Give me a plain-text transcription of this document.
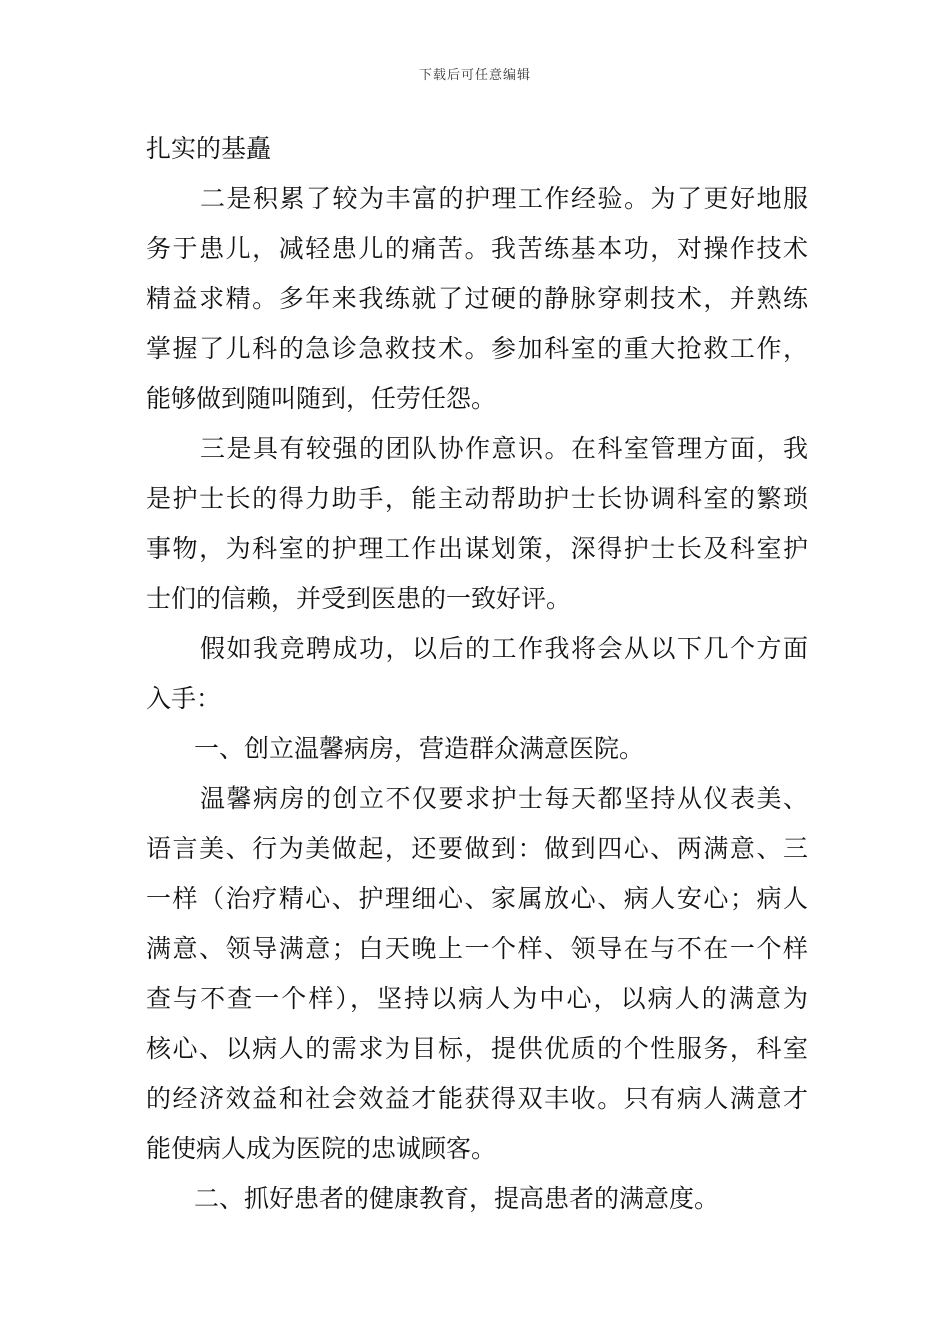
下载后可任意编辑
扎实的基矗
二是积累了较为丰富的护理工作经验。为了更好地服
务于患儿，减轻患儿的痛苦。我苦练基本功，对操作技术
精益求精。多年来我练就了过硬的静脉穿刺技术，并熟练
掌握了儿科的急诊急救技术。参加科室的重大抢救工作，
能够做到随叫随到，任劳任怨。
三是具有较强的团队协作意识。在科室管理方面，我
是护士长的得力助手，能主动帮助护士长协调科室的繁琐
事物，为科室的护理工作出谋划策，深得护士长及科室护
士们的信赖，并受到医患的一致好评。
假如我竞聘成功，以后的工作我将会从以下几个方面
入手：
一、创立温馨病房，营造群众满意医院。
温馨病房的创立不仅要求护士每天都坚持从仪表美、
语言美、行为美做起，还要做到：做到四心、两满意、三
一样（治疗精心、护理细心、家属放心、病人安心；病人
满意、领导满意；白天晚上一个样、领导在与不在一个样
查与不查一个样），坚持以病人为中心，以病人的满意为
核心、以病人的需求为目标，提供优质的个性服务，科室
的经济效益和社会效益才能获得双丰收。只有病人满意才
能使病人成为医院的忠诚顾客。
二、抓好患者的健康教育，提高患者的满意度。
